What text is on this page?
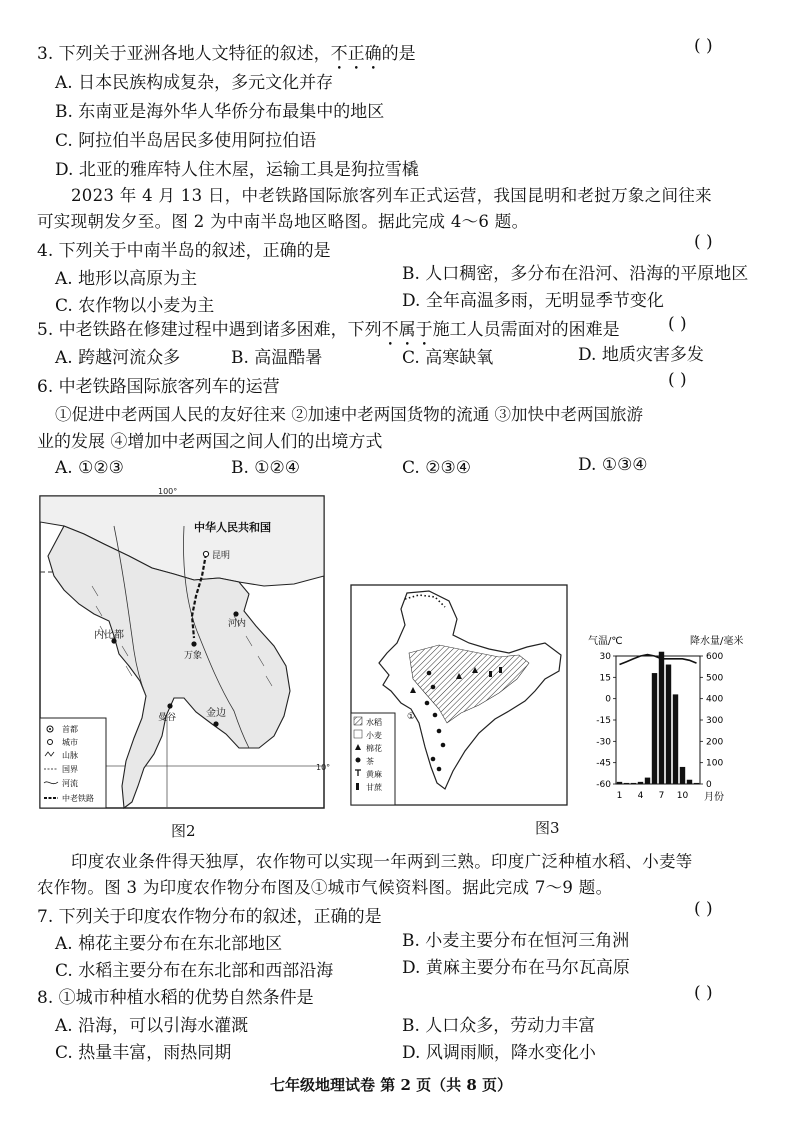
3. 下列关于亚洲各地人文特征的叙述，不正确的是	( )
A. 日本民族构成复杂，多元文化并存
B. 东南亚是海外华人华侨分布最集中的地区
C. 阿拉伯半岛居民多使用阿拉伯语
D. 北亚的雅库特人住木屋，运输工具是狗拉雪橇
2023 年 4 月 13 日，中老铁路国际旅客列车正式运营，我国昆明和老挝万象之间往来
可实现朝发夕至。图 2 为中南半岛地区略图。据此完成 4～6 题。
4. 下列关于中南半岛的叙述，正确的是	( )
A. 地形以高原为主	B. 人口稠密，多分布在沿河、沿海的平原地区
C. 农作物以小麦为主	D. 全年高温多雨，无明显季节变化
5. 中老铁路在修建过程中遇到诸多困难，下列不属于施工人员需面对的困难是	( )
A. 跨越河流众多	B. 高温酷暑	C. 高寒缺氧	D. 地质灾害多发
6. 中老铁路国际旅客列车的运营	( )
①促进中老两国人民的友好往来 ②加速中老两国货物的流通 ③加快中老两国旅游
业的发展 ④增加中老两国之间人们的出境方式
A. ①②③	B. ①②④	C. ②③④	D. ①③④
100°
10°
中华人民共和国
昆明
内比都
河内
万象
曼谷	金边
首都
城市
山脉
国界
河流
中老铁路
图2
①
水稻
小麦
棉花
茶
黄麻
甘蔗
图3
气温/℃	降水量/毫米
30
15
0
-15
-30
-45
-60
600
500
400
300
200
100
0
1 4 7 10 月份
印度农业条件得天独厚，农作物可以实现一年两到三熟。印度广泛种植水稻、小麦等
农作物。图 3 为印度农作物分布图及①城市气候资料图。据此完成 7～9 题。
7. 下列关于印度农作物分布的叙述，正确的是	( )
A. 棉花主要分布在东北部地区	B. 小麦主要分布在恒河三角洲
C. 水稻主要分布在东北部和西部沿海	D. 黄麻主要分布在马尔瓦高原
8. ①城市种植水稻的优势自然条件是	( )
A. 沿海，可以引海水灌溉	B. 人口众多，劳动力丰富
C. 热量丰富，雨热同期	D. 风调雨顺，降水变化小
七年级地理试卷 第 2 页（共 8 页）
